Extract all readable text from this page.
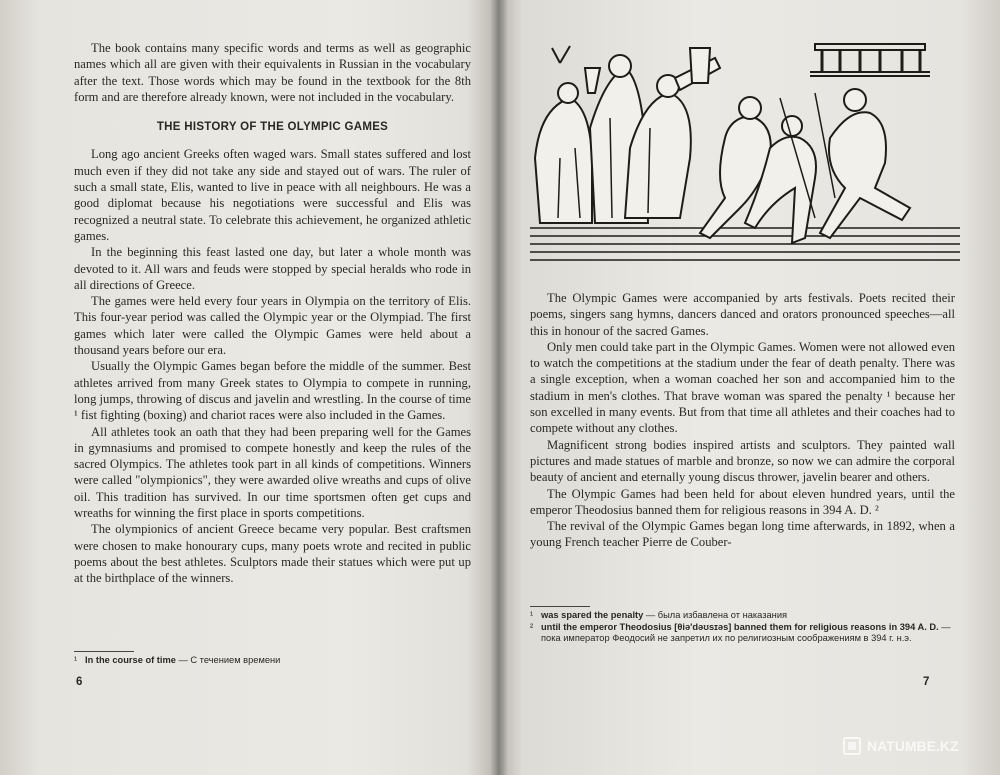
The book contains many specific words and terms as well as geographic names which all are given with their equivalents in Russian in the vocabulary after the text. Those words which may be found in the textbook for the 8th form and are therefore already known, were not included in the vocabulary.

THE HISTORY OF THE OLYMPIC GAMES

Long ago ancient Greeks often waged wars. Small states suffered and lost much even if they did not take any side and stayed out of wars. The ruler of such a small state, Elis, wanted to live in peace with all neighbours. He was a good diplomat because his negotiations were successful and Elis was recognized a neutral state. To celebrate this achievement, he organized athletic games.

In the beginning this feast lasted one day, but later a whole month was devoted to it. All wars and feuds were stopped by special heralds who rode in all directions of Greece.

The games were held every four years in Olympia on the territory of Elis. This four-year period was called the Olympic year or the Olympiad. The first games which later were called the Olympic Games were held about a thousand years before our era.

Usually the Olympic Games began before the middle of the summer. Best athletes arrived from many Greek states to Olympia to compete in running, long jumps, throwing of discus and javelin and wrestling. In the course of time ¹ fist fighting (boxing) and chariot races were also included in the Games.

All athletes took an oath that they had been preparing well for the Games in gymnasiums and promised to compete honestly and keep the rules of the sacred Olympics. The athletes took part in all kinds of competitions. Winners were called "olympionics", they were awarded olive wreaths and cups of olive oil. This tradition has survived. In our time sportsmen often get cups and wreaths for winning the first place in sports competitions.

The olympionics of ancient Greece became very popular. Best craftsmen were chosen to make honourary cups, many poets wrote and recited in public poems about the best athletes. Sculptors made their statues which were put up at the birthplace of the winners.

¹ In the course of time — С течением времени
6

The Olympic Games were accompanied by arts festivals. Poets recited their poems, singers sang hymns, dancers danced and orators pronounced speeches—all this in honour of the sacred Games.

Only men could take part in the Olympic Games. Women were not allowed even to watch the competitions at the stadium under the fear of death penalty. There was a single exception, when a woman coached her son and accompanied him to the stadium in men's clothes. That brave woman was spared the penalty ¹ because her son excelled in many events. But from that time all athletes and their coaches had to compete without any clothes.

Magnificent strong bodies inspired artists and sculptors. They painted wall pictures and made statues of marble and bronze, so now we can admire the corporal beauty of ancient and eternally young discus thrower, javelin bearer and others.

The Olympic Games had been held for about eleven hundred years, until the emperor Theodosius banned them for religious reasons in 394 A. D. ²

The revival of the Olympic Games began long time afterwards, in 1892, when a young French teacher Pierre de Couber-

¹ was spared the penalty — была избавлена от наказания
² until the emperor Theodosius [θiə'dəʊsɪəs] banned them for religious reasons in 394 A. D. — пока император Феодосий не запретил их по религиозным соображениям в 394 г. н.э.
7
NATUMBE.KZ
